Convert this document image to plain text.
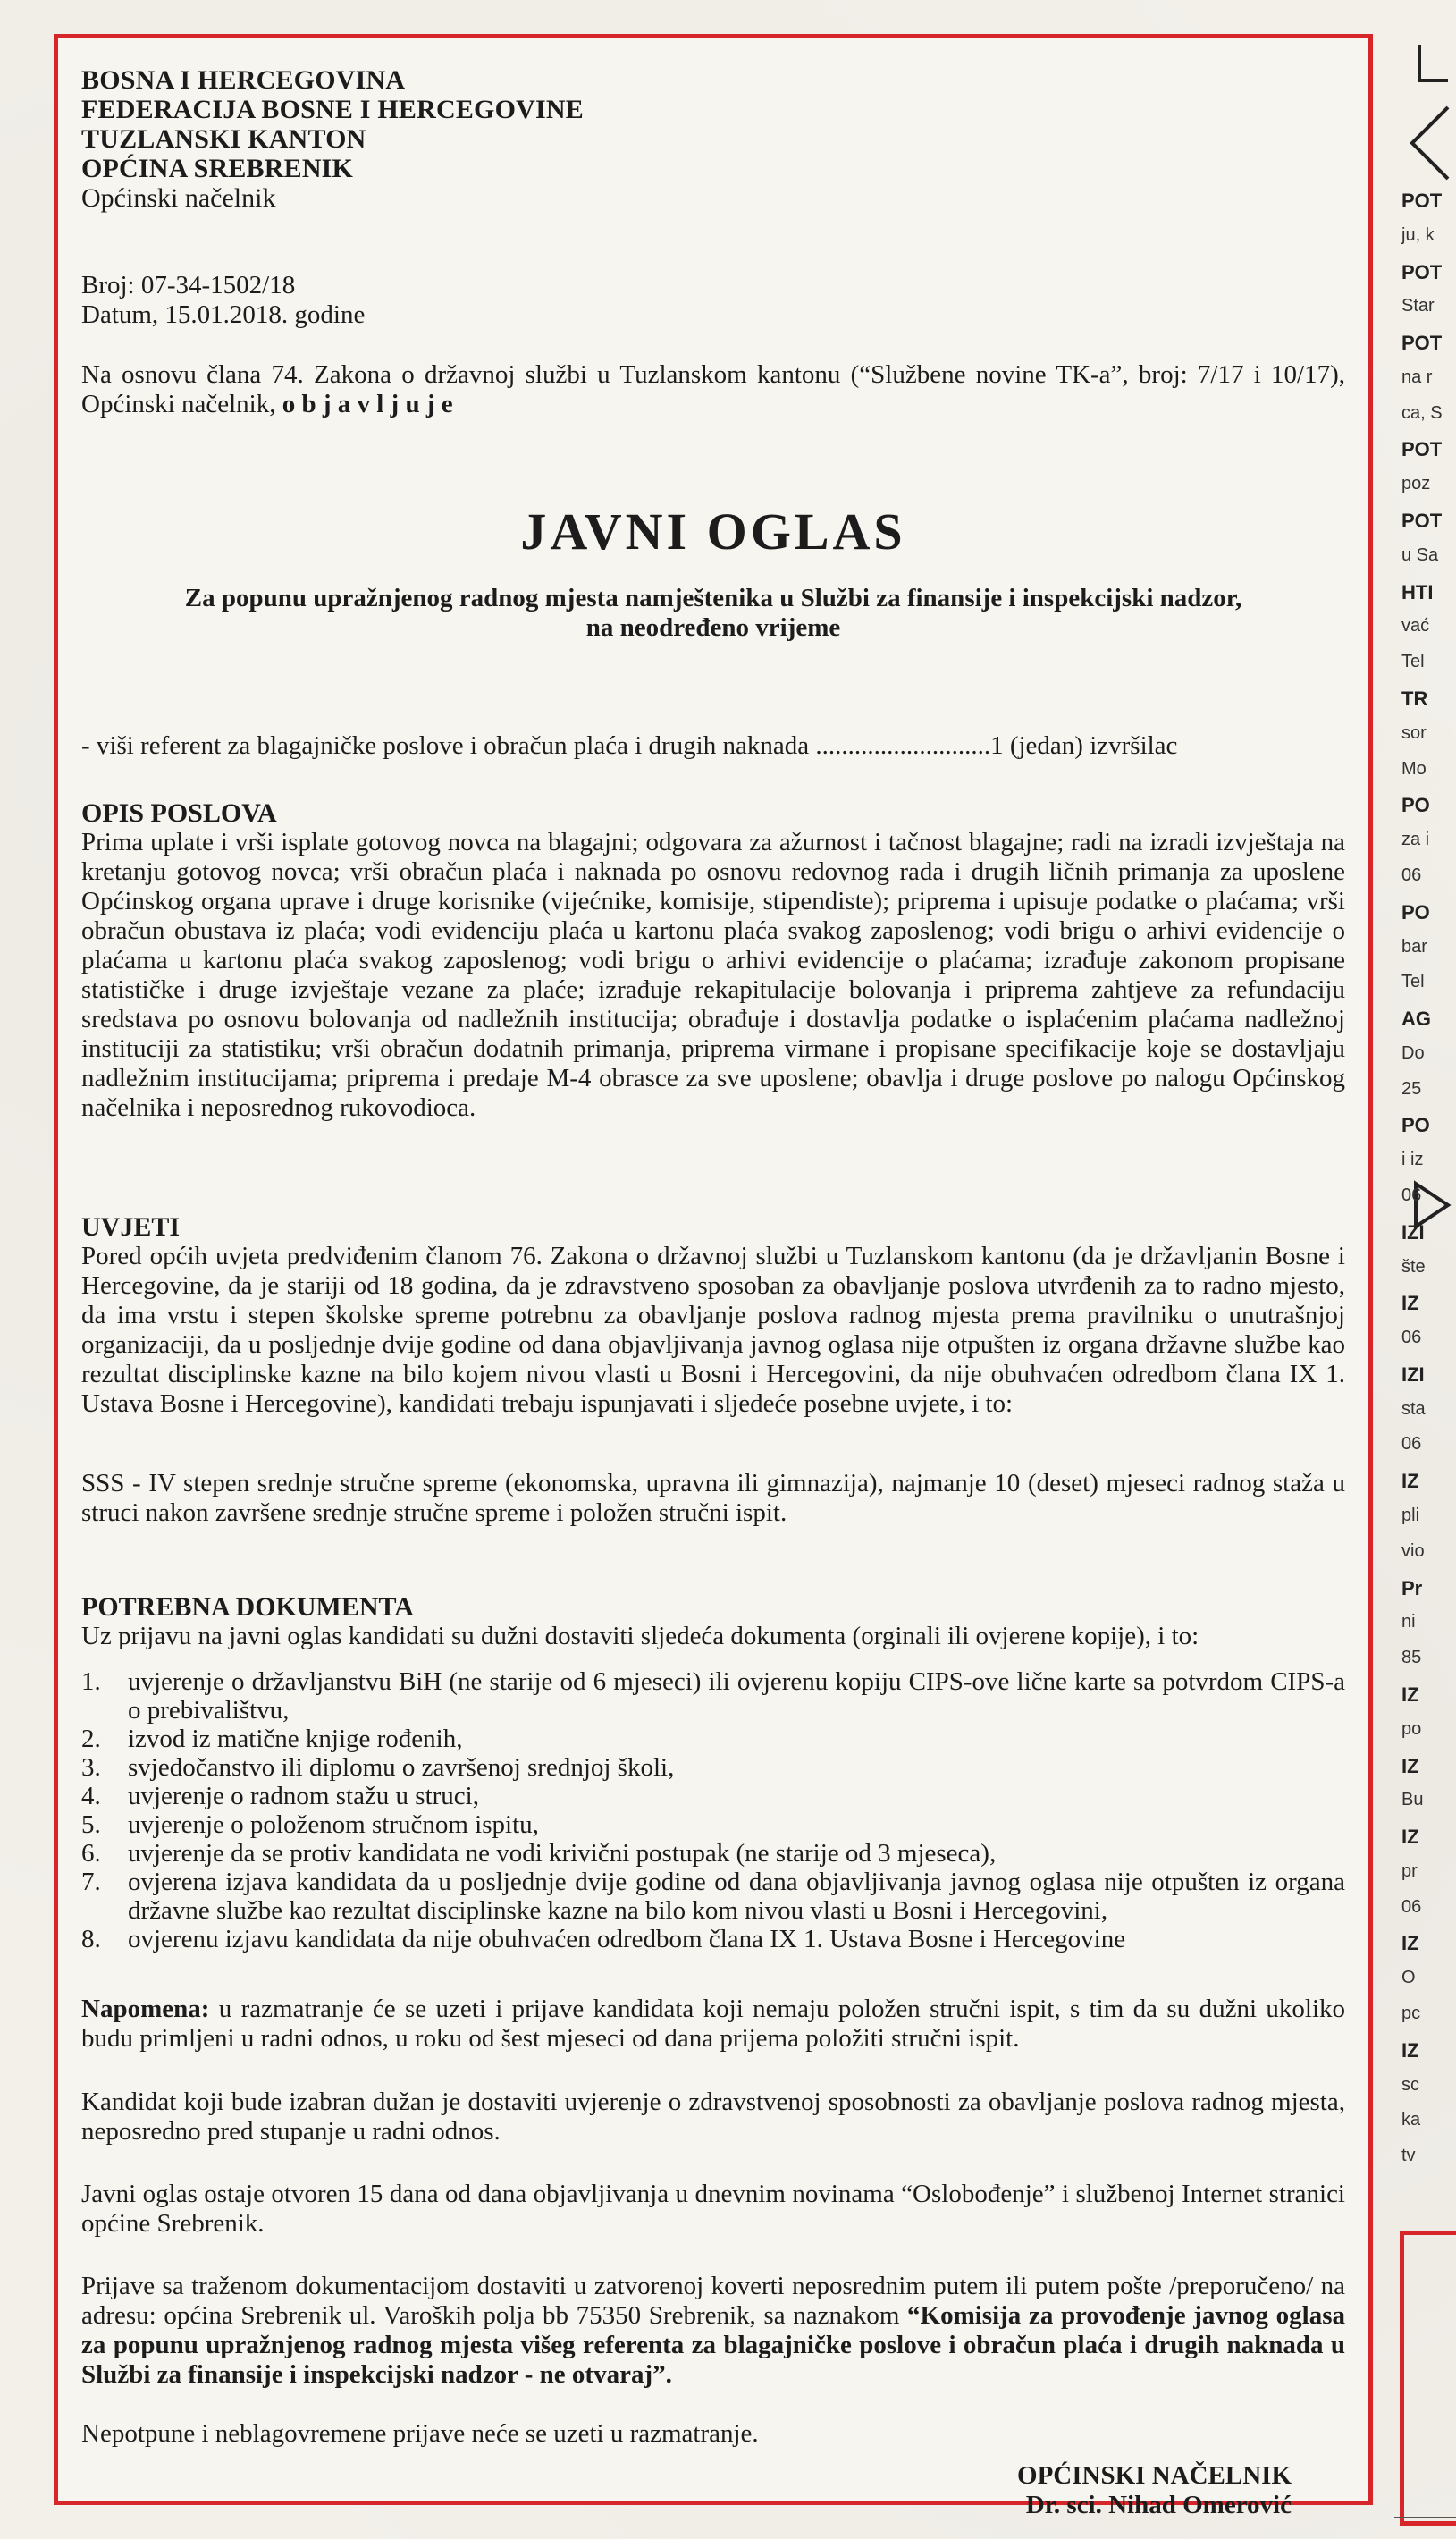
BOSNA I HERCEGOVINA

FEDERACIJA BOSNE I HERCEGOVINE

TUZLANSKI KANTON

OPĆINA SREBRENIK

Općinski načelnik

Broj: 07-34-1502/18

Datum, 15.01.2018. godine

Na osnovu člana 74. Zakona o državnoj službi u Tuzlanskom kantonu (“Službene novine TK-a”, broj: 7/17 i 10/17), Općinski načelnik, o b j a v l j u j e

JAVNI OGLAS

Za popunu upražnjenog radnog mjesta namještenika u Službi za finansije i inspekcijski nadzor,

na neodređeno vrijeme

- viši referent za blagajničke poslove i obračun plaća i drugih naknada ...........................1 (jedan) izvršilac

OPIS POSLOVA

Prima uplate i vrši isplate gotovog novca na blagajni; odgovara za ažurnost i tačnost blagajne; radi na izradi izvještaja na kretanju gotovog novca; vrši obračun plaća i naknada po osnovu redovnog rada i drugih ličnih primanja za uposlene Općinskog organa uprave i druge korisnike (vijećnike, komisije, stipendiste); priprema i upisuje podatke o plaćama; vrši obračun obustava iz plaća; vodi evidenciju plaća u kartonu plaća svakog zaposlenog; vodi brigu o arhivi evidencije o plaćama u kartonu plaća svakog zaposlenog; vodi brigu o arhivi evidencije o plaćama; izrađuje zakonom propisane statističke i druge izvještaje vezane za plaće; izrađuje rekapitulacije bolovanja i priprema zahtjeve za refundaciju sredstava po osnovu bolovanja od nadležnih institucija; obrađuje i dostavlja podatke o isplaćenim plaćama nadležnoj instituciji za statistiku; vrši obračun dodatnih primanja, priprema virmane i propisane specifikacije koje se dostavljaju nadležnim institucijama; priprema i predaje M-4 obrasce za sve uposlene; obavlja i druge poslove po nalogu Općinskog načelnika i neposrednog rukovodioca.

UVJETI

Pored općih uvjeta predviđenim članom 76. Zakona o državnoj službi u Tuzlanskom kantonu (da je državljanin Bosne i Hercegovine, da je stariji od 18 godina, da je zdravstveno sposoban za obavljanje poslova utvrđenih za to radno mjesto, da ima vrstu i stepen školske spreme potrebnu za obavljanje poslova radnog mjesta prema pravilniku o unutrašnjoj organizaciji, da u posljednje dvije godine od dana objavljivanja javnog oglasa nije otpušten iz organa državne službe kao rezultat disciplinske kazne na bilo kojem nivou vlasti u Bosni i Hercegovini, da nije obuhvaćen odredbom člana IX 1. Ustava Bosne i Hercegovine), kandidati trebaju ispunjavati i sljedeće posebne uvjete, i to:

SSS - IV stepen srednje stručne spreme (ekonomska, upravna ili gimnazija), najmanje 10 (deset) mjeseci radnog staža u struci nakon završene srednje stručne spreme i položen stručni ispit.

POTREBNA DOKUMENTA

Uz prijavu na javni oglas kandidati su dužni dostaviti sljedeća dokumenta (orginali ili ovjerene kopije), i to:

1.	uvjerenje o državljanstvu BiH (ne starije od 6 mjeseci) ili ovjerenu kopiju CIPS-ove lične karte sa potvrdom CIPS-a o prebivalištvu,
2.	izvod iz matične knjige rođenih,
3.	svjedočanstvo ili diplomu o završenoj srednjoj školi,
4.	uvjerenje o radnom stažu u struci,
5.	uvjerenje o položenom stručnom ispitu,
6.	uvjerenje da se protiv kandidata ne vodi krivični postupak (ne starije od 3 mjeseca),
7.	ovjerena izjava kandidata da u posljednje dvije godine od dana objavljivanja javnog oglasa nije otpušten iz organa državne službe kao rezultat disciplinske kazne na bilo kom nivou vlasti u Bosni i Hercegovini,
8.	ovjerenu izjavu kandidata da nije obuhvaćen odredbom člana IX 1. Ustava Bosne i Hercegovine

Napomena: u razmatranje će se uzeti i prijave kandidata koji nemaju položen stručni ispit, s tim da su dužni ukoliko budu primljeni u radni odnos, u roku od šest mjeseci od dana prijema položiti stručni ispit.

Kandidat koji bude izabran dužan je dostaviti uvjerenje o zdravstvenoj sposobnosti za obavljanje poslova radnog mjesta, neposredno pred stupanje u radni odnos.

Javni oglas ostaje otvoren 15 dana od dana objavljivanja u dnevnim novinama “Oslobođenje” i službenoj Internet stranici općine Srebrenik.

Prijave sa traženom dokumentacijom dostaviti u zatvorenoj koverti neposrednim putem ili putem pošte /preporučeno/ na adresu: općina Srebrenik ul. Varoških polja bb 75350 Srebrenik, sa naznakom “Komisija za provođenje javnog oglasa za popunu upražnjenog radnog mjesta višeg referenta za blagajničke poslove i obračun plaća i drugih naknada u Službi za finansije i inspekcijski nadzor - ne otvaraj”.

Nepotpune i neblagovremene prijave neće se uzeti u razmatranje.

OPĆINSKI NAČELNIK
Dr. sci. Nihad Omerović
POT
ju, k
POT
Star
POT
na r
ca, S
POT
poz
POT
u Sa
HTI
vać
Tel
TR
sor
Mo
PO
za i
06
PO
bar
Tel
AG
Do
25
PO
i iz
06
IZI
šte
IZ
06
IZI
sta
06
IZ
pli
vio
Pr
ni
85
IZ
po
IZ
Bu
IZ
pr
06
IZ
O
pc
IZ
sc
ka
tv
